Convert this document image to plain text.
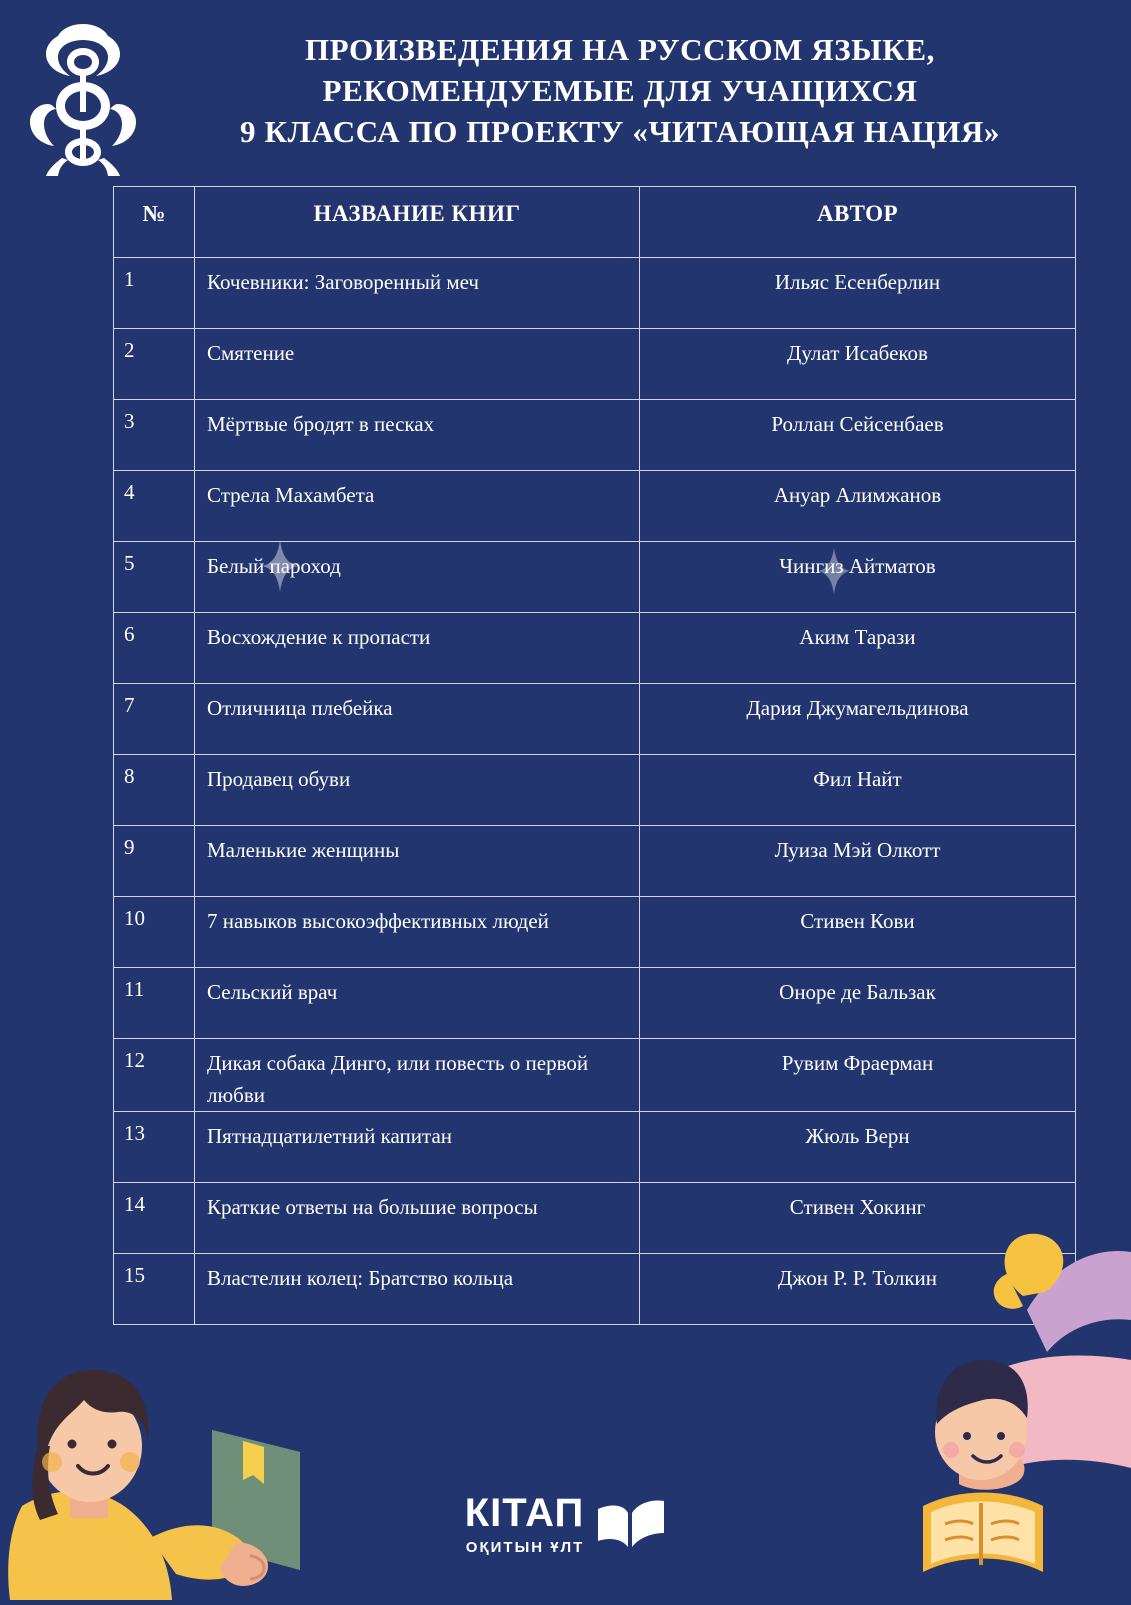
ПРОИЗВЕДЕНИЯ НА РУССКОМ ЯЗЫКЕ,
РЕКОМЕНДУЕМЫЕ ДЛЯ УЧАЩИХСЯ
9 КЛАССА ПО ПРОЕКТУ «ЧИТАЮЩАЯ НАЦИЯ»
№	НАЗВАНИЕ КНИГ	АВТОР
1	Кочевники: Заговоренный меч	Ильяс Есенберлин
2	Смятение	Дулат Исабеков
3	Мёртвые бродят в песках	Роллан Сейсенбаев
4	Стрела Махамбета	Ануар Алимжанов
5	Белый пароход	Чингиз Айтматов
6	Восхождение к пропасти	Аким Тарази
7	Отличница плебейка	Дария Джумагельдинова
8	Продавец обуви	Фил Найт
9	Маленькие женщины	Луиза Мэй Олкотт
10	7 навыков высокоэффективных людей	Стивен Кови
11	Сельский врач	Оноре де Бальзак
12	Дикая собака Динго, или повесть о первой любви	Рувим Фраерман
13	Пятнадцатилетний капитан	Жюль Верн
14	Краткие ответы на большие вопросы	Стивен Хокинг
15	Властелин колец: Братство кольца	Джон Р. Р. Толкин
КІТАП
ОҚИТЫН ҰЛТ
